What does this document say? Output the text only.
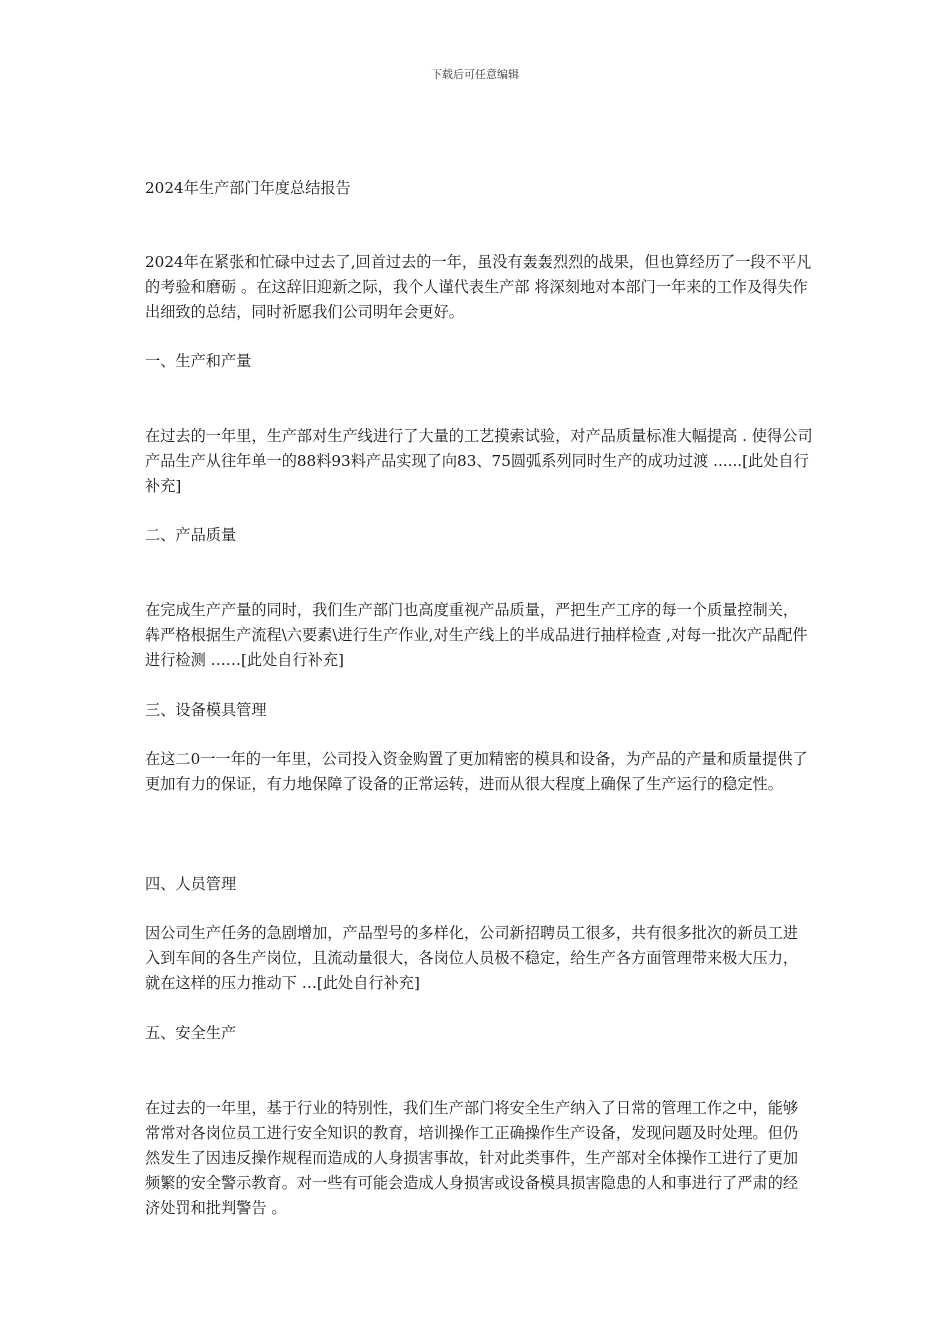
下载后可任意编辑
2024年生产部门年度总结报告

2024年在紧张和忙碌中过去了,回首过去的一年，虽没有轰轰烈烈的战果，但也算经历了一段不平凡的考验和磨砺 。在这辞旧迎新之际，我个人谨代表生产部 将深刻地对本部门一年来的工作及得失作出细致的总结，同时祈愿我们公司明年会更好。

一、生产和产量

在过去的一年里，生产部对生产线进行了大量的工艺摸索试验，对产品质量标准大幅提高 . 使得公司产品生产从往年单一的88料93料产品实现了向83、75圆弧系列同时生产的成功过渡 ......[此处自行补充]

二、产品质量

在完成生产产量的同时，我们生产部门也高度重视产品质量，严把生产工序的每一个质量控制关，犇严格根据生产流程\六要素\进行生产作业,对生产线上的半成品进行抽样检查 ,对每一批次产品配件进行检测 ……[此处自行补充]

三、设备模具管理

在这二0一一年的一年里，公司投入资金购置了更加精密的模具和设备，为产品的产量和质量提供了更加有力的保证，有力地保障了设备的正常运转，进而从很大程度上确保了生产运行的稳定性。

四、人员管理

因公司生产任务的急剧增加，产品型号的多样化，公司新招聘员工很多，共有很多批次的新员工进入到车间的各生产岗位，且流动量很大，各岗位人员极不稳定，给生产各方面管理带来极大压力，就在这样的压力推动下 …[此处自行补充]

五、安全生产

在过去的一年里，基于行业的特别性，我们生产部门将安全生产纳入了日常的管理工作之中，能够常常对各岗位员工进行安全知识的教育，培训操作工正确操作生产设备，发现问题及时处理。但仍然发生了因违反操作规程而造成的人身损害事故，针对此类事件，生产部对全体操作工进行了更加频繁的安全警示教育。对一些有可能会造成人身损害或设备模具损害隐患的人和事进行了严肃的经济处罚和批判警告 。
